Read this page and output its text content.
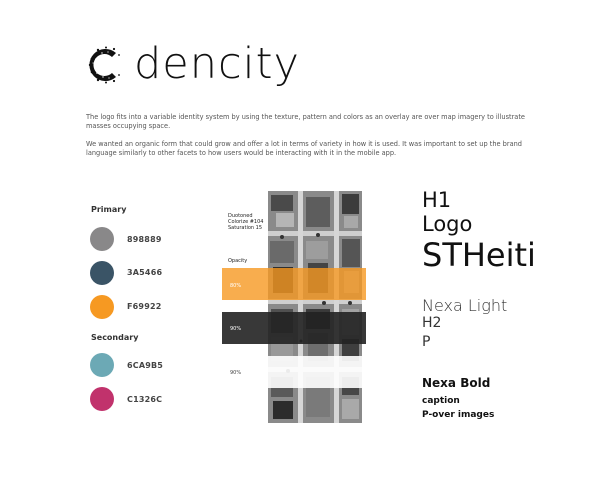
dencity
The logo fits into a variable identity system by using the texture, pattern and colors as an overlay are over map imagery to illustrate masses occupying space.
We wanted an organic form that could grow and offer a lot in terms of variety in how it is used. It was important to set up the brand language similarly to other facets to how users would be interacting with it in the mobile app.
Primary
898889
3A5466
F69922
Secondary
6CA9B5
C1326C
Duotoned
Colorize #104
Saturation 15
Opacity
80%
90%
90%
H1
Logo
STHeiti
Nexa Light
H2
P
Nexa Bold
caption
P-over images
